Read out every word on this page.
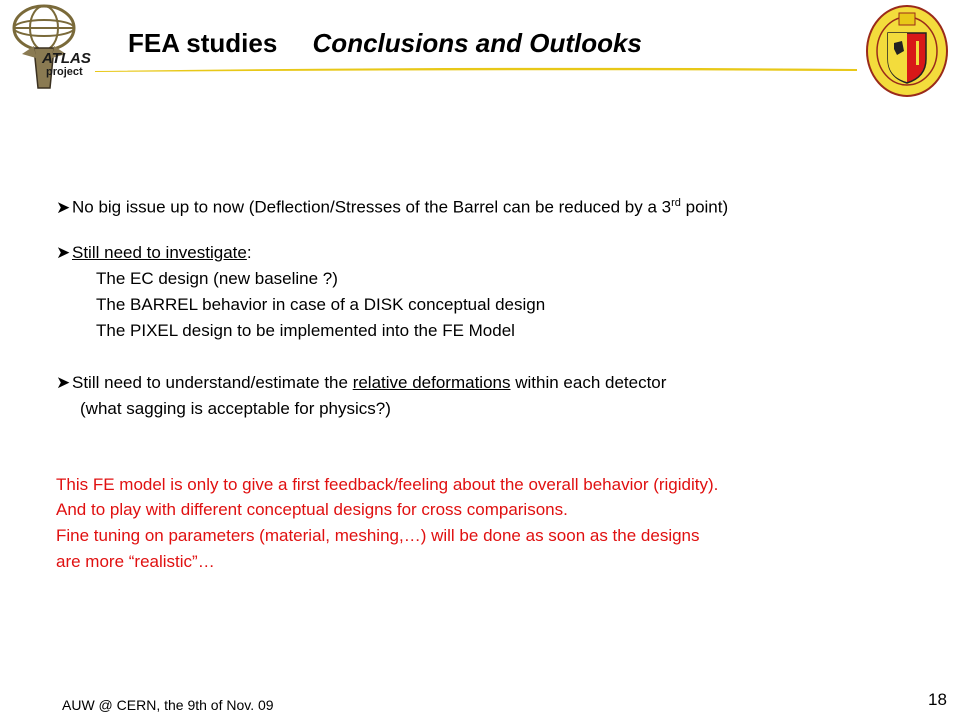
ATLAS
project
FEA studies Conclusions and Outlooks
➤ No big issue up to now (Deflection/Stresses of the Barrel can be reduced by a 3rd point)
➤ Still need to investigate:
The EC design (new baseline ?)
The BARREL behavior in case of a DISK conceptual design
The PIXEL design to be implemented into the FE Model
➤ Still need to understand/estimate the relative deformations within each detector
(what sagging is acceptable for physics?)
This FE model is only to give a first feedback/feeling about the overall behavior (rigidity).
And to play with different conceptual designs for cross comparisons.
Fine tuning on parameters (material, meshing,…) will be done as soon as the designs
are more “realistic”…
AUW @ CERN, the 9th of Nov. 09	18
